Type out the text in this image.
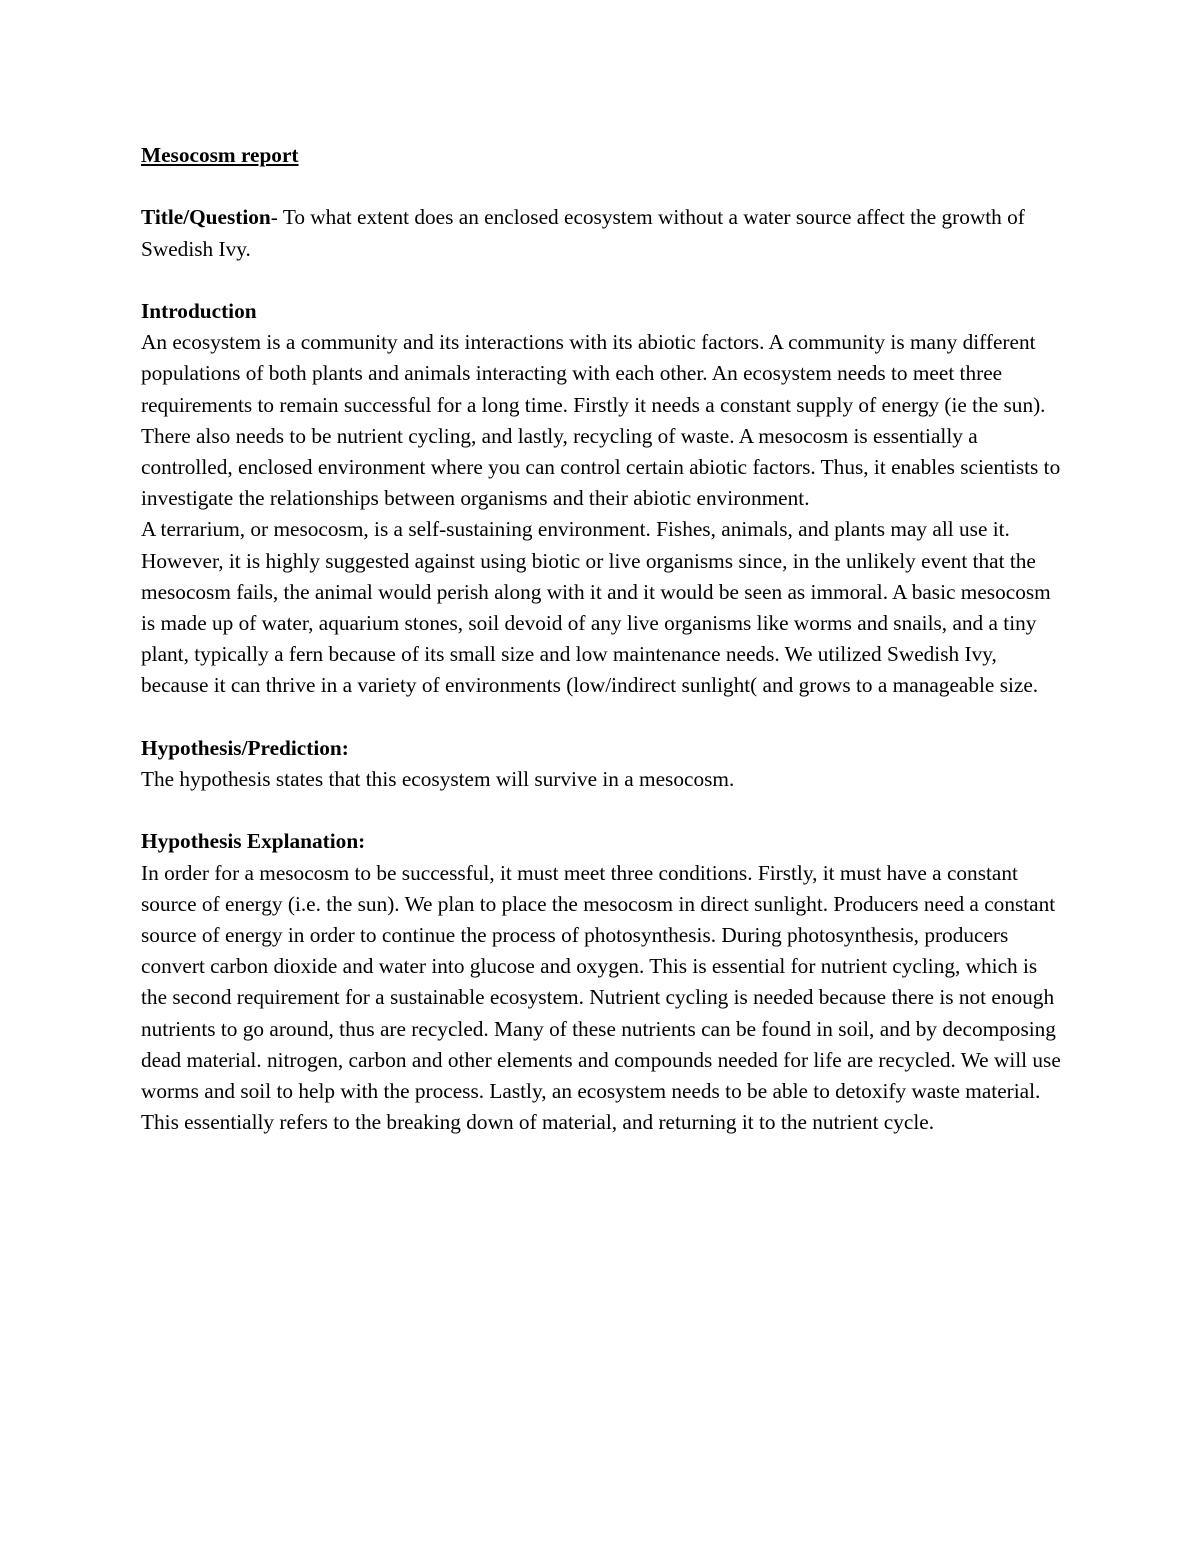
Mesocosm report

Title/Question- To what extent does an enclosed ecosystem without a water source affect the growth of Swedish Ivy.

Introduction

An ecosystem is a community and its interactions with its abiotic factors. A community is many different populations of both plants and animals interacting with each other. An ecosystem needs to meet three requirements to remain successful for a long time. Firstly it needs a constant supply of energy (ie the sun). There also needs to be nutrient cycling, and lastly, recycling of waste. A mesocosm is essentially a controlled, enclosed environment where you can control certain abiotic factors. Thus, it enables scientists to investigate the relationships between organisms and their abiotic environment.

A terrarium, or mesocosm, is a self-sustaining environment. Fishes, animals, and plants may all use it. However, it is highly suggested against using biotic or live organisms since, in the unlikely event that the mesocosm fails, the animal would perish along with it and it would be seen as immoral. A basic mesocosm is made up of water, aquarium stones, soil devoid of any live organisms like worms and snails, and a tiny plant, typically a fern because of its small size and low maintenance needs. We utilized Swedish Ivy, because it can thrive in a variety of environments (low/indirect sunlight( and grows to a manageable size.

Hypothesis/Prediction:

The hypothesis states that this ecosystem will survive in a mesocosm.

Hypothesis Explanation:

In order for a mesocosm to be successful, it must meet three conditions. Firstly, it must have a constant source of energy (i.e. the sun). We plan to place the mesocosm in direct sunlight. Producers need a constant source of energy in order to continue the process of photosynthesis. During photosynthesis, producers convert carbon dioxide and water into glucose and oxygen. This is essential for nutrient cycling, which is the second requirement for a sustainable ecosystem. Nutrient cycling is needed because there is not enough nutrients to go around, thus are recycled. Many of these nutrients can be found in soil, and by decomposing dead material. nitrogen, carbon and other elements and compounds needed for life are recycled. We will use worms and soil to help with the process. Lastly, an ecosystem needs to be able to detoxify waste material. This essentially refers to the breaking down of material, and returning it to the nutrient cycle.
